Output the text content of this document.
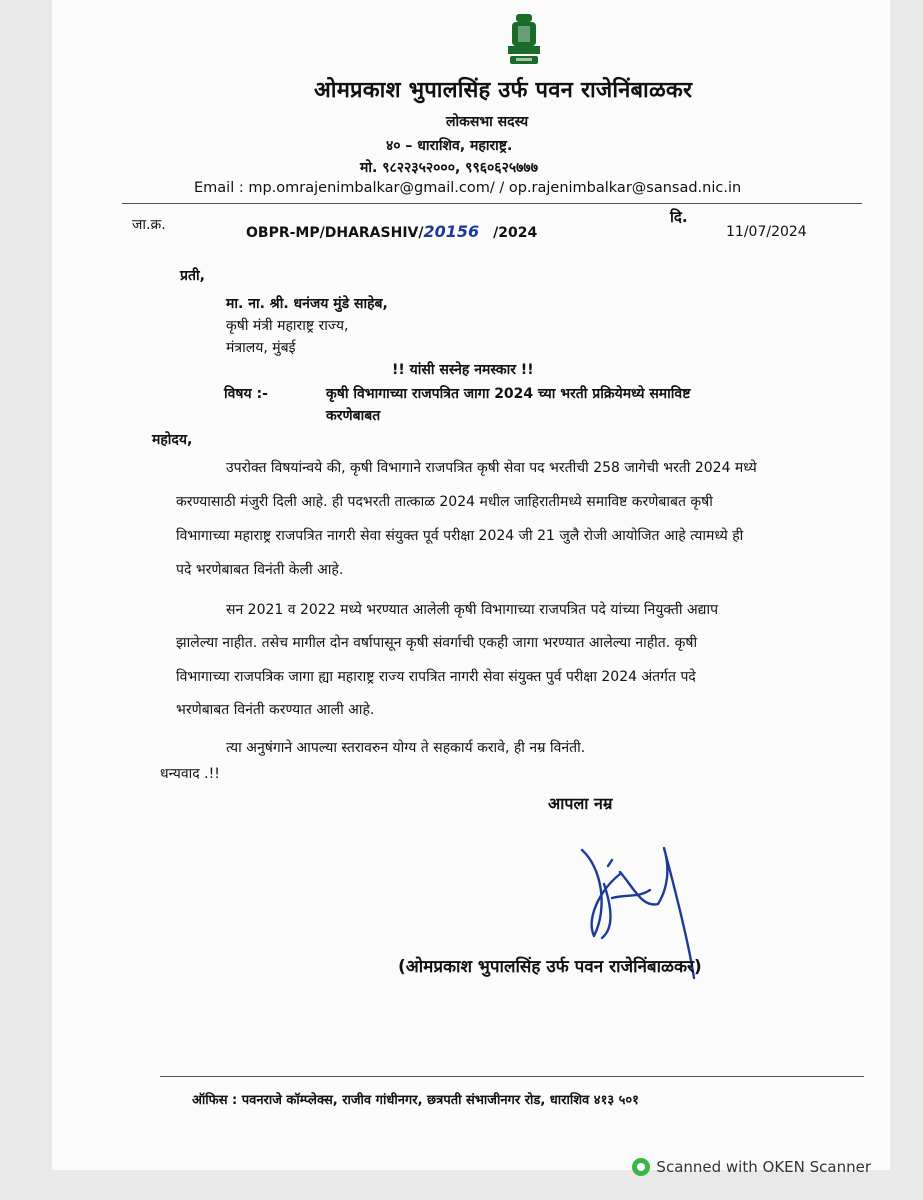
ओमप्रकाश भुपालसिंह उर्फ पवन राजेनिंबाळकर
लोकसभा सदस्य
४० – धाराशिव, महाराष्ट्र.
मो. ९८२२३५२०००, ९९६०६२५७७७
Email : mp.omrajenimbalkar@gmail.com/ / op.rajenimbalkar@sansad.nic.in
जा.क्र.	OBPR-MP/DHARASHIV/20156 /2024
दि.
11/07/2024
प्रती,
मा. ना. श्री. धनंजय मुंडे साहेब,
कृषी मंत्री महाराष्ट्र राज्य,
मंत्रालय, मुंबई
!! यांसी सस्नेह नमस्कार !!
विषय :-	कृषी विभागाच्या राजपत्रित जागा 2024 च्या भरती प्रक्रियेमध्ये समाविष्ट
करणेबाबत
महोदय,
उपरोक्त विषयांन्वये की, कृषी विभागाने राजपत्रित कृषी सेवा पद भरतीची 258 जागेची भरती 2024 मध्ये
करण्यासाठी मंजुरी दिली आहे. ही पदभरती तात्काळ 2024 मधील जाहिरातीमध्ये समाविष्ट करणेबाबत कृषी
विभागाच्या महाराष्ट्र राजपत्रित नागरी सेवा संयुक्त पूर्व परीक्षा 2024 जी 21 जुलै रोजी आयोजित आहे त्यामध्ये ही
पदे भरणेबाबत विनंती केली आहे.
सन 2021 व 2022 मध्ये भरण्यात आलेली कृषी विभागाच्या राजपत्रित पदे यांच्या नियुक्ती अद्याप
झालेल्या नाहीत. तसेच मागील दोन वर्षापासून कृषी संवर्गाची एकही जागा भरण्यात आलेल्या नाहीत. कृषी
विभागाच्या राजपत्रिक जागा ह्या महाराष्ट्र राज्य रापत्रित नागरी सेवा संयुक्त पुर्व परीक्षा 2024 अंतर्गत पदे
भरणेबाबत विनंती करण्यात आली आहे.
त्या अनुषंगाने आपल्या स्तरावरुन योग्य ते सहकार्य करावे, ही नम्र विनंती.
धन्यवाद .!!
आपला नम्र
(ओमप्रकाश भुपालसिंह उर्फ पवन राजेनिंबाळकर)
ऑफिस : पवनराजे कॉम्प्लेक्स, राजीव गांधीनगर, छत्रपती संभाजीनगर रोड, धाराशिव ४१३ ५०१
Scanned with OKEN Scanner
